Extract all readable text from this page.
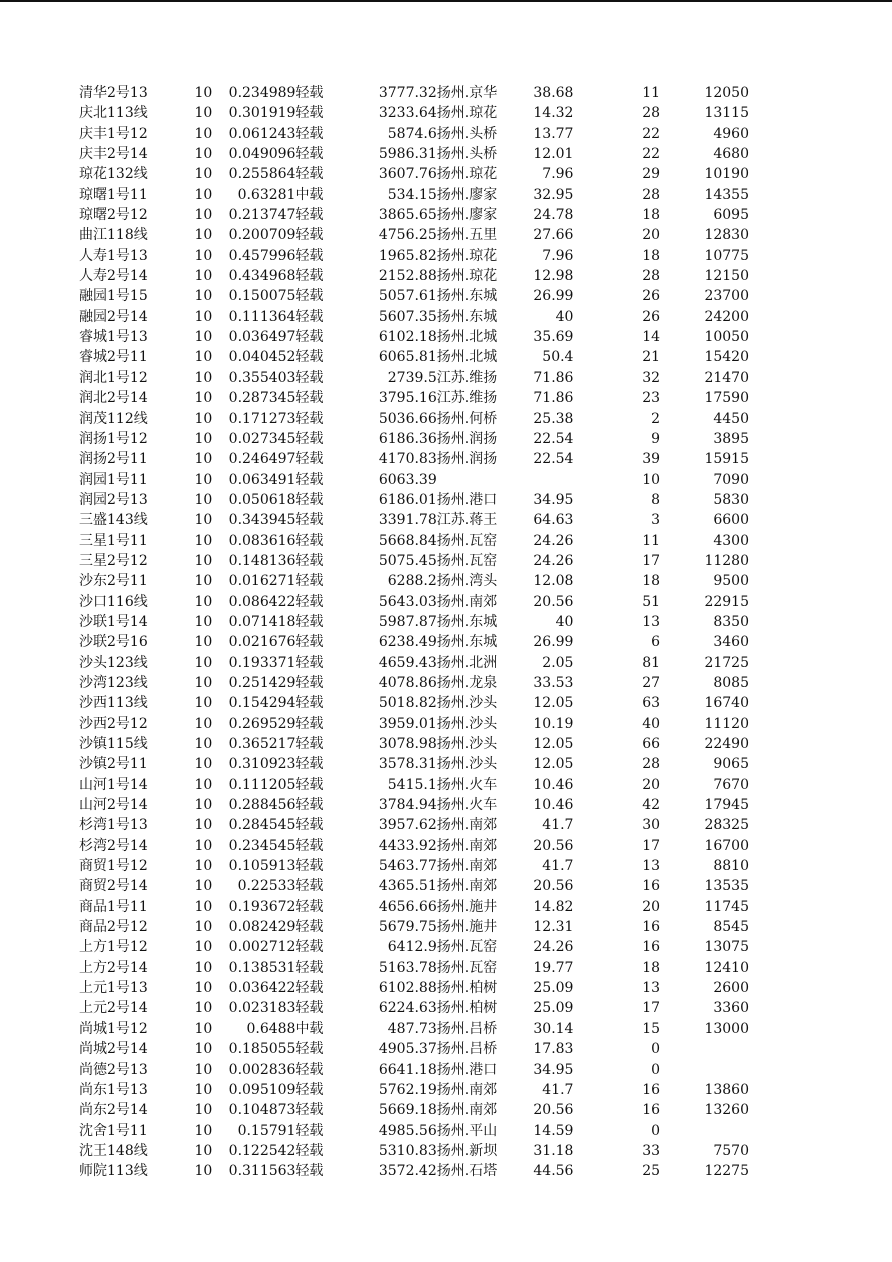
清华2号13	10	0.234989	轻载	3777.32	扬州.京华	38.68	11	12050
庆北113线	10	0.301919	轻载	3233.64	扬州.琼花	14.32	28	13115
庆丰1号12	10	0.061243	轻载	5874.6	扬州.头桥	13.77	22	4960
庆丰2号14	10	0.049096	轻载	5986.31	扬州.头桥	12.01	22	4680
琼花132线	10	0.255864	轻载	3607.76	扬州.琼花	7.96	29	10190
琼曙1号11	10	0.63281	中载	534.15	扬州.廖家	32.95	28	14355
琼曙2号12	10	0.213747	轻载	3865.65	扬州.廖家	24.78	18	6095
曲江118线	10	0.200709	轻载	4756.25	扬州.五里	27.66	20	12830
人寿1号13	10	0.457996	轻载	1965.82	扬州.琼花	7.96	18	10775
人寿2号14	10	0.434968	轻载	2152.88	扬州.琼花	12.98	28	12150
融园1号15	10	0.150075	轻载	5057.61	扬州.东城	26.99	26	23700
融园2号14	10	0.111364	轻载	5607.35	扬州.东城	40	26	24200
睿城1号13	10	0.036497	轻载	6102.18	扬州.北城	35.69	14	10050
睿城2号11	10	0.040452	轻载	6065.81	扬州.北城	50.4	21	15420
润北1号12	10	0.355403	轻载	2739.5	江苏.维扬	71.86	32	21470
润北2号14	10	0.287345	轻载	3795.16	江苏.维扬	71.86	23	17590
润茂112线	10	0.171273	轻载	5036.66	扬州.何桥	25.38	2	4450
润扬1号12	10	0.027345	轻载	6186.36	扬州.润扬	22.54	9	3895
润扬2号11	10	0.246497	轻载	4170.83	扬州.润扬	22.54	39	15915
润园1号11	10	0.063491	轻载	6063.39			10	7090
润园2号13	10	0.050618	轻载	6186.01	扬州.港口	34.95	8	5830
三盛143线	10	0.343945	轻载	3391.78	江苏.蒋王	64.63	3	6600
三星1号11	10	0.083616	轻载	5668.84	扬州.瓦窑	24.26	11	4300
三星2号12	10	0.148136	轻载	5075.45	扬州.瓦窑	24.26	17	11280
沙东2号11	10	0.016271	轻载	6288.2	扬州.湾头	12.08	18	9500
沙口116线	10	0.086422	轻载	5643.03	扬州.南郊	20.56	51	22915
沙联1号14	10	0.071418	轻载	5987.87	扬州.东城	40	13	8350
沙联2号16	10	0.021676	轻载	6238.49	扬州.东城	26.99	6	3460
沙头123线	10	0.193371	轻载	4659.43	扬州.北洲	2.05	81	21725
沙湾123线	10	0.251429	轻载	4078.86	扬州.龙泉	33.53	27	8085
沙西113线	10	0.154294	轻载	5018.82	扬州.沙头	12.05	63	16740
沙西2号12	10	0.269529	轻载	3959.01	扬州.沙头	10.19	40	11120
沙镇115线	10	0.365217	轻载	3078.98	扬州.沙头	12.05	66	22490
沙镇2号11	10	0.310923	轻载	3578.31	扬州.沙头	12.05	28	9065
山河1号14	10	0.111205	轻载	5415.1	扬州.火车	10.46	20	7670
山河2号14	10	0.288456	轻载	3784.94	扬州.火车	10.46	42	17945
杉湾1号13	10	0.284545	轻载	3957.62	扬州.南郊	41.7	30	28325
杉湾2号14	10	0.234545	轻载	4433.92	扬州.南郊	20.56	17	16700
商贸1号12	10	0.105913	轻载	5463.77	扬州.南郊	41.7	13	8810
商贸2号14	10	0.22533	轻载	4365.51	扬州.南郊	20.56	16	13535
商品1号11	10	0.193672	轻载	4656.66	扬州.施井	14.82	20	11745
商品2号12	10	0.082429	轻载	5679.75	扬州.施井	12.31	16	8545
上方1号12	10	0.002712	轻载	6412.9	扬州.瓦窑	24.26	16	13075
上方2号14	10	0.138531	轻载	5163.78	扬州.瓦窑	19.77	18	12410
上元1号13	10	0.036422	轻载	6102.88	扬州.柏树	25.09	13	2600
上元2号14	10	0.023183	轻载	6224.63	扬州.柏树	25.09	17	3360
尚城1号12	10	0.6488	中载	487.73	扬州.吕桥	30.14	15	13000
尚城2号14	10	0.185055	轻载	4905.37	扬州.吕桥	17.83	0	
尚德2号13	10	0.002836	轻载	6641.18	扬州.港口	34.95	0	
尚东1号13	10	0.095109	轻载	5762.19	扬州.南郊	41.7	16	13860
尚东2号14	10	0.104873	轻载	5669.18	扬州.南郊	20.56	16	13260
沈舍1号11	10	0.15791	轻载	4985.56	扬州.平山	14.59	0	
沈王148线	10	0.122542	轻载	5310.83	扬州.新坝	31.18	33	7570
师院113线	10	0.311563	轻载	3572.42	扬州.石塔	44.56	25	12275
